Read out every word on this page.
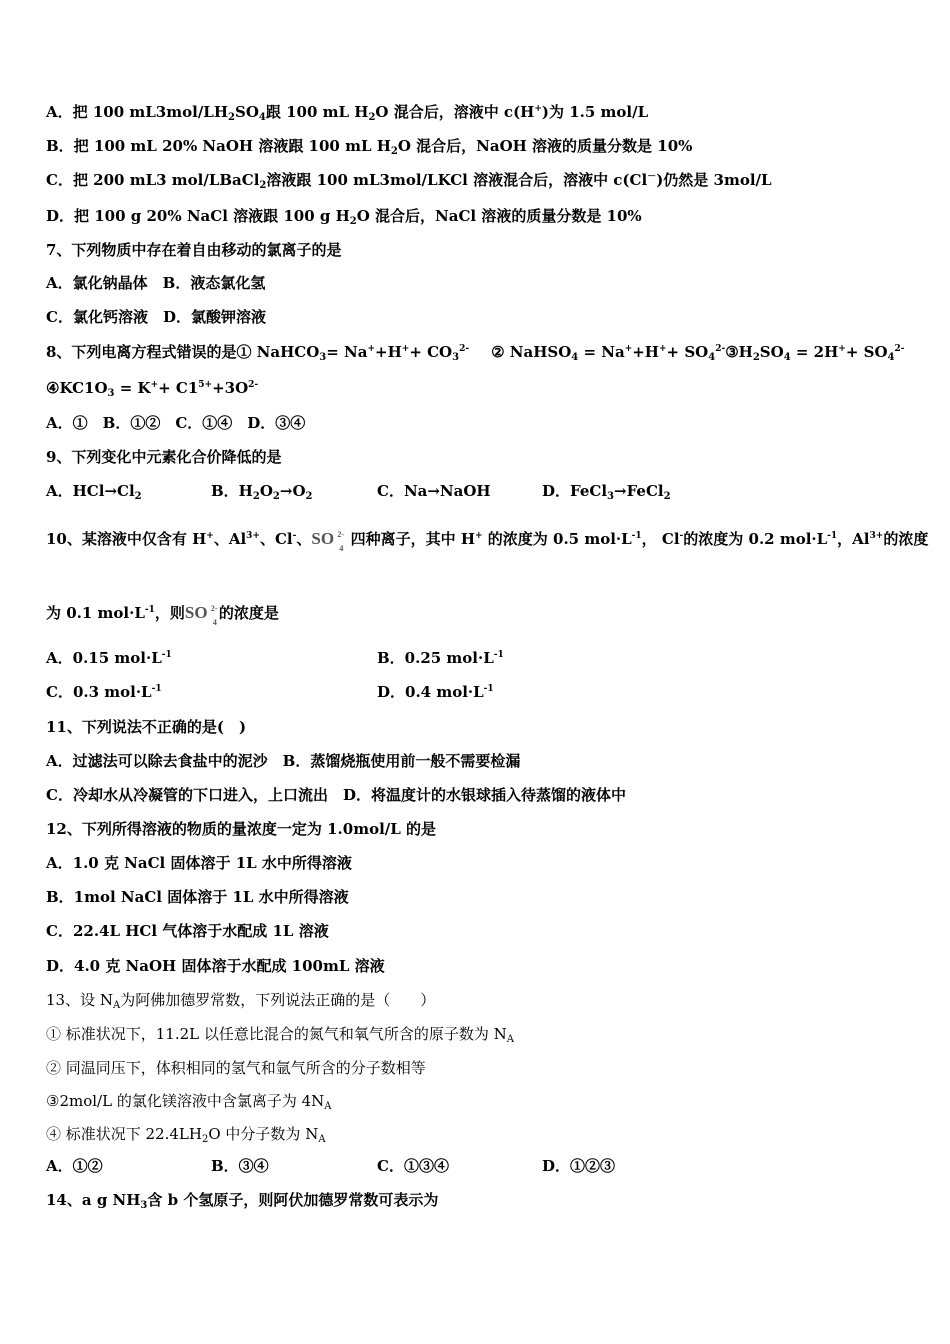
A．把 100 $mL3mol/LH_2SO_4$跟 100 mL $H_2O$ 混合后，溶液中 c(H+)为 1.5 mol/L
B．把 100 mL 20% NaOH 溶液跟 100 mL $H_2O$ 混合后，NaOH 溶液的质量分数是 10%
C．把 200 mL3 mol/LBaCl$_2$溶液跟 100 mL3mol/LKCl 溶液混合后，溶液中 c(Cl－)仍然是 3mol/L
D．把 100 g 20% NaCl 溶液跟 100 g $H_2O$ 混合后，NaCl 溶液的质量分数是 10%
7、下列物质中存在着自由移动的氯离子的是
A．氯化钠晶体　B．液态氯化氢
C．氯化钙溶液　D．氯酸钾溶液
8、下列电离方程式错误的是① NaHCO$_3$= $Na^++H^++ CO_3^{2-}$ ② NaHSO$_4$ = $Na^++H^++ SO_4^{2-}③H_2SO_4 = 2H^++ SO_4^{2-}$
$④KC1O_3 = K^++ C1^{5+}+3O^{2-}$
A．①　B．①②　C．①④　D．③④
9、下列变化中元素化合价降低的是
A．$HCl\to Cl_2$	B．$H_2O_2\to O_2$	C．Na→NaOH	D．FeCl$_3$→FeCl$_2$
10、某溶液中仅含有 H+、$Al^{3+}$、Cl-、 SO 2-
4
四种离子，其中 H+ 的浓度为 0.5 $mol\cdot L^{-1}$， Cl-的浓度为 0.2 $mol\cdot L^{-1}$，$Al^{3+}$的浓度
为 0.1 $mol\cdot L^{-1}$，则 SO 2-
4
的浓度是
A．0.15 $mol\cdot L^{-1}$	B．0.25 $mol\cdot L^{-1}$
C．0.3 $mol\cdot L^{-1}$	D．0.4 $mol\cdot L^{-1}$
11、下列说法不正确的是(　)
A．过滤法可以除去食盐中的泥沙　B．蒸馏烧瓶使用前一般不需要检漏
C．冷却水从冷凝管的下口进入，上口流出　D．将温度计的水银球插入待蒸馏的液体中
12、下列所得溶液的物质的量浓度一定为 1.0mol/L 的是
A．1.0 克 NaCl 固体溶于 1L 水中所得溶液
B．1mol NaCl 固体溶于 1L 水中所得溶液
C．22.4L HCl 气体溶于水配成 1L 溶液
D．4.0 克 NaOH 固体溶于水配成 100mL 溶液
13、设 $N_A$为阿佛加德罗常数，下列说法正确的是（　　）
① 标准状况下，11.2L 以任意比混合的氮气和氧气所含的原子数为 $N_A$
② 同温同压下，体积相同的氢气和氩气所含的分子数相等
③2mol/L 的氯化镁溶液中含氯离子为 $4N_A$
④ 标准状况下 $22.4LH_2O$ 中分子数为 $N_A$
A．①②	B．③④	C．①③④	D．①②③
14、a g $NH_3$含 b 个氢原子，则阿伏加德罗常数可表示为
